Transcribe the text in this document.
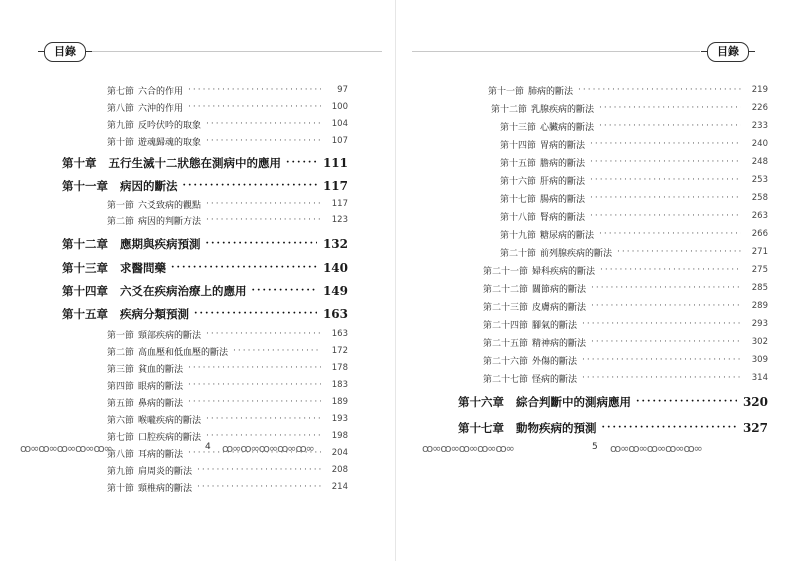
目錄
第七節 六合的作用 ·····	97
第八節 六沖的作用 ·····	100
第九節 反吟伏吟的取象 ·····	104
第十節 遊魂歸魂的取象 ·····	107
第十章 五行生滅十二狀態在測病中的應用 ·····	111
第十一章 病因的斷法 ·····	117
第一節 六爻致病的觀點 ·····	117
第二節 病因的判斷方法 ·····	123
第十二章 應期與疾病預測 ·····	132
第十三章 求醫問藥 ·····	140
第十四章 六爻在疾病治療上的應用 ·····	149
第十五章 疾病分類預測 ·····	163
第一節 頸部疾病的斷法 ·····	163
第二節 高血壓和低血壓的斷法 ·····	172
第三節 貧血的斷法 ·····	178
第四節 眼病的斷法 ·····	183
第五節 鼻病的斷法 ·····	189
第六節 喉嚨疾病的斷法 ·····	193
第七節 口腔疾病的斷法 ·····	198
第八節 耳病的斷法 ·····	204
第九節 肩周炎的斷法 ·····	208
第十節 頸椎病的斷法 ·····	214
ꝏ∞ꝏ∞ꝏ∞ꝏ∞ꝏ∞	4 ꝏ∞ꝏ∞ꝏ∞ꝏ∞ꝏ∞
目錄
第十一節 肺病的斷法 ·····	219
第十二節 乳腺疾病的斷法 ·····	226
第十三節 心臟病的斷法 ·····	233
第十四節 胃病的斷法 ·····	240
第十五節 膽病的斷法 ·····	248
第十六節 肝病的斷法 ·····	253
第十七節 腸病的斷法 ·····	258
第十八節 腎病的斷法 ·····	263
第十九節 糖尿病的斷法 ·····	266
第二十節 前列腺疾病的斷法 ·····	271
第二十一節 婦科疾病的斷法 ·····	275
第二十二節 關節病的斷法 ·····	285
第二十三節 皮膚病的斷法 ·····	289
第二十四節 腳氣的斷法 ·····	293
第二十五節 精神病的斷法 ·····	302
第二十六節 外傷的斷法 ·····	309
第二十七節 怪病的斷法 ·····	314
第十六章 綜合判斷中的測病應用 ·····	320
第十七章 動物疾病的預測 ·····	327
ꝏ∞ꝏ∞ꝏ∞ꝏ∞ꝏ∞	5 ꝏ∞ꝏ∞ꝏ∞ꝏ∞ꝏ∞
